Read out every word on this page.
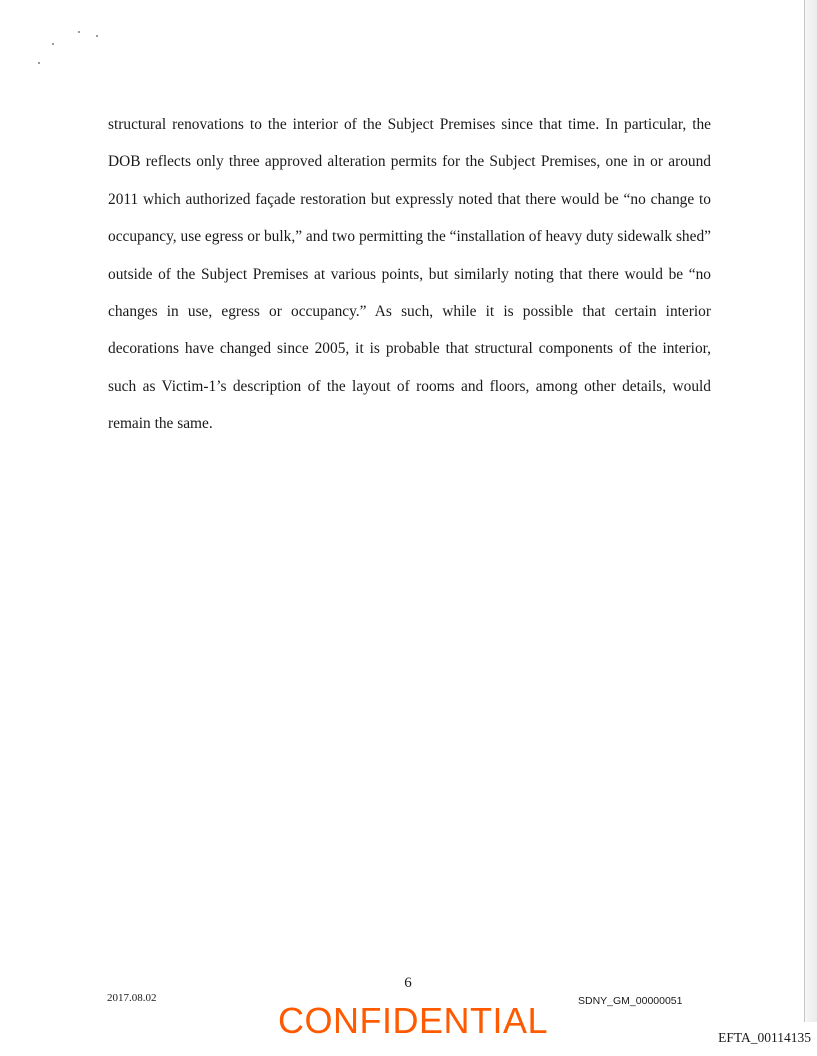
structural renovations to the interior of the Subject Premises since that time. In particular, the DOB reflects only three approved alteration permits for the Subject Premises, one in or around 2011 which authorized façade restoration but expressly noted that there would be “no change to occupancy, use egress or bulk,” and two permitting the “installation of heavy duty sidewalk shed” outside of the Subject Premises at various points, but similarly noting that there would be “no changes in use, egress or occupancy.” As such, while it is possible that certain interior decorations have changed since 2005, it is probable that structural components of the interior, such as Victim-1’s description of the layout of rooms and floors, among other details, would remain the same.

6
2017.08.02
CONFIDENTIAL	SDNY_GM_00000051
EFTA_00114135
